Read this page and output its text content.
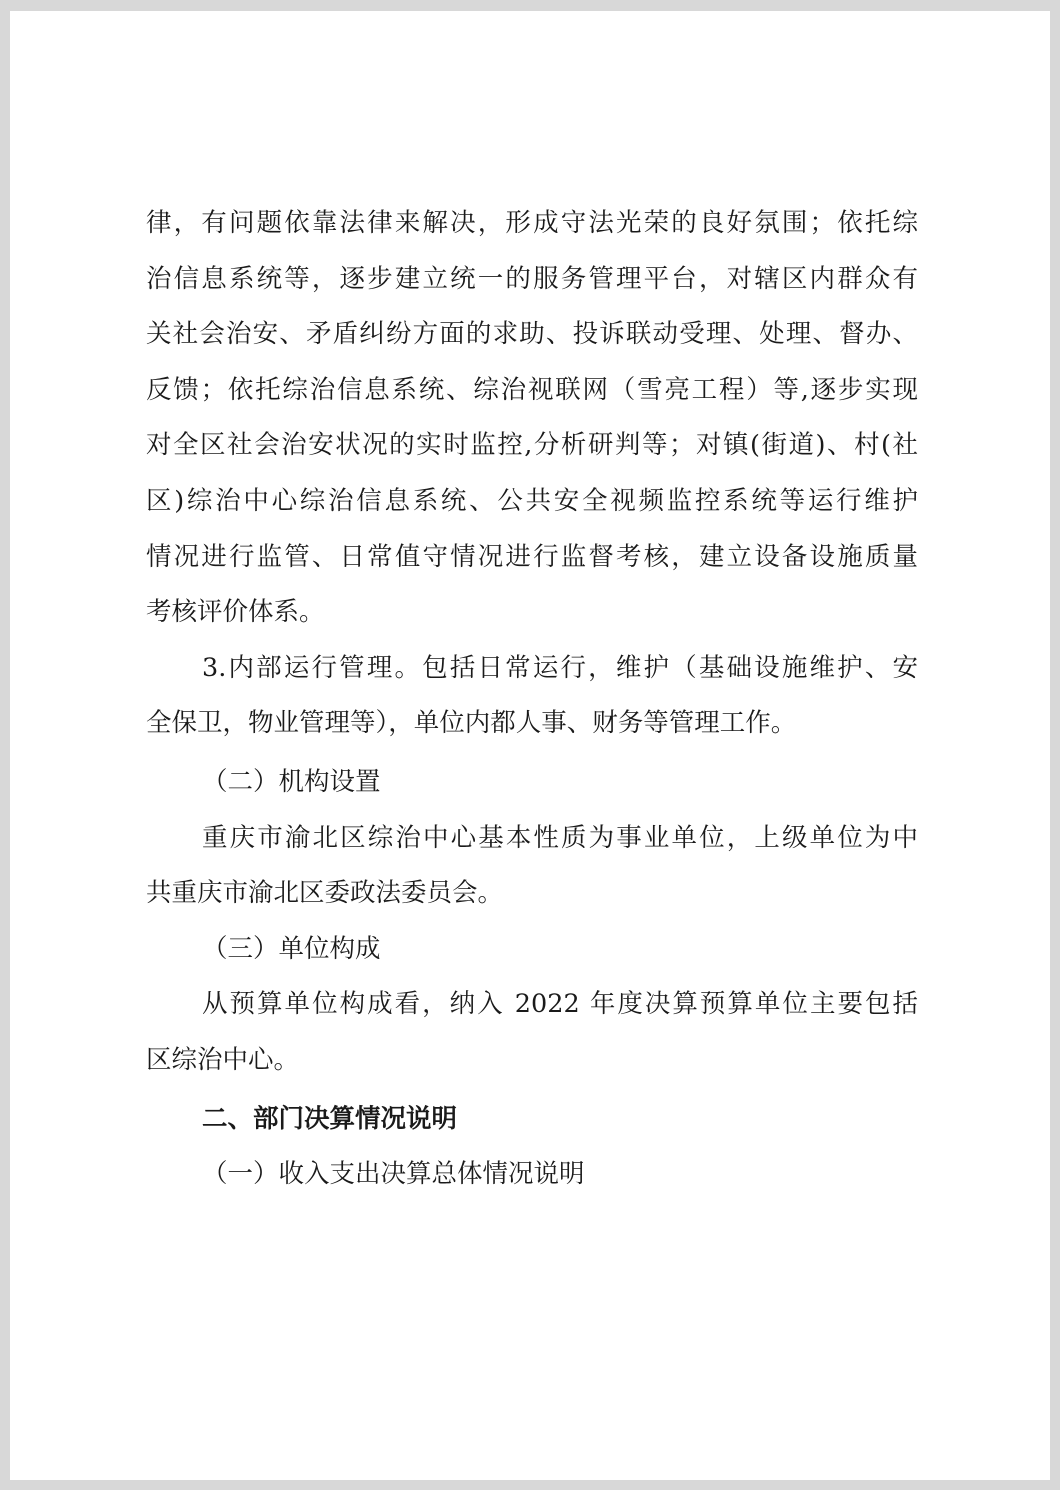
律，有问题依靠法律来解决，形成守法光荣的良好氛围；依托综
治信息系统等，逐步建立统一的服务管理平台，对辖区内群众有
关社会治安、矛盾纠纷方面的求助、投诉联动受理、处理、督办、
反馈；依托综治信息系统、综治视联网（雪亮工程）等,逐步实现
对全区社会治安状况的实时监控,分析研判等；对镇(街道)、村(社
区)综治中心综治信息系统、公共安全视频监控系统等运行维护
情况进行监管、日常值守情况进行监督考核，建立设备设施质量
考核评价体系。
3.内部运行管理。包括日常运行，维护（基础设施维护、安
全保卫，物业管理等），单位内都人事、财务等管理工作。
（二）机构设置
重庆市渝北区综治中心基本性质为事业单位，上级单位为中
共重庆市渝北区委政法委员会。
（三）单位构成
从预算单位构成看，纳入 2022 年度决算预算单位主要包括
区综治中心。
二、部门决算情况说明
（一）收入支出决算总体情况说明
